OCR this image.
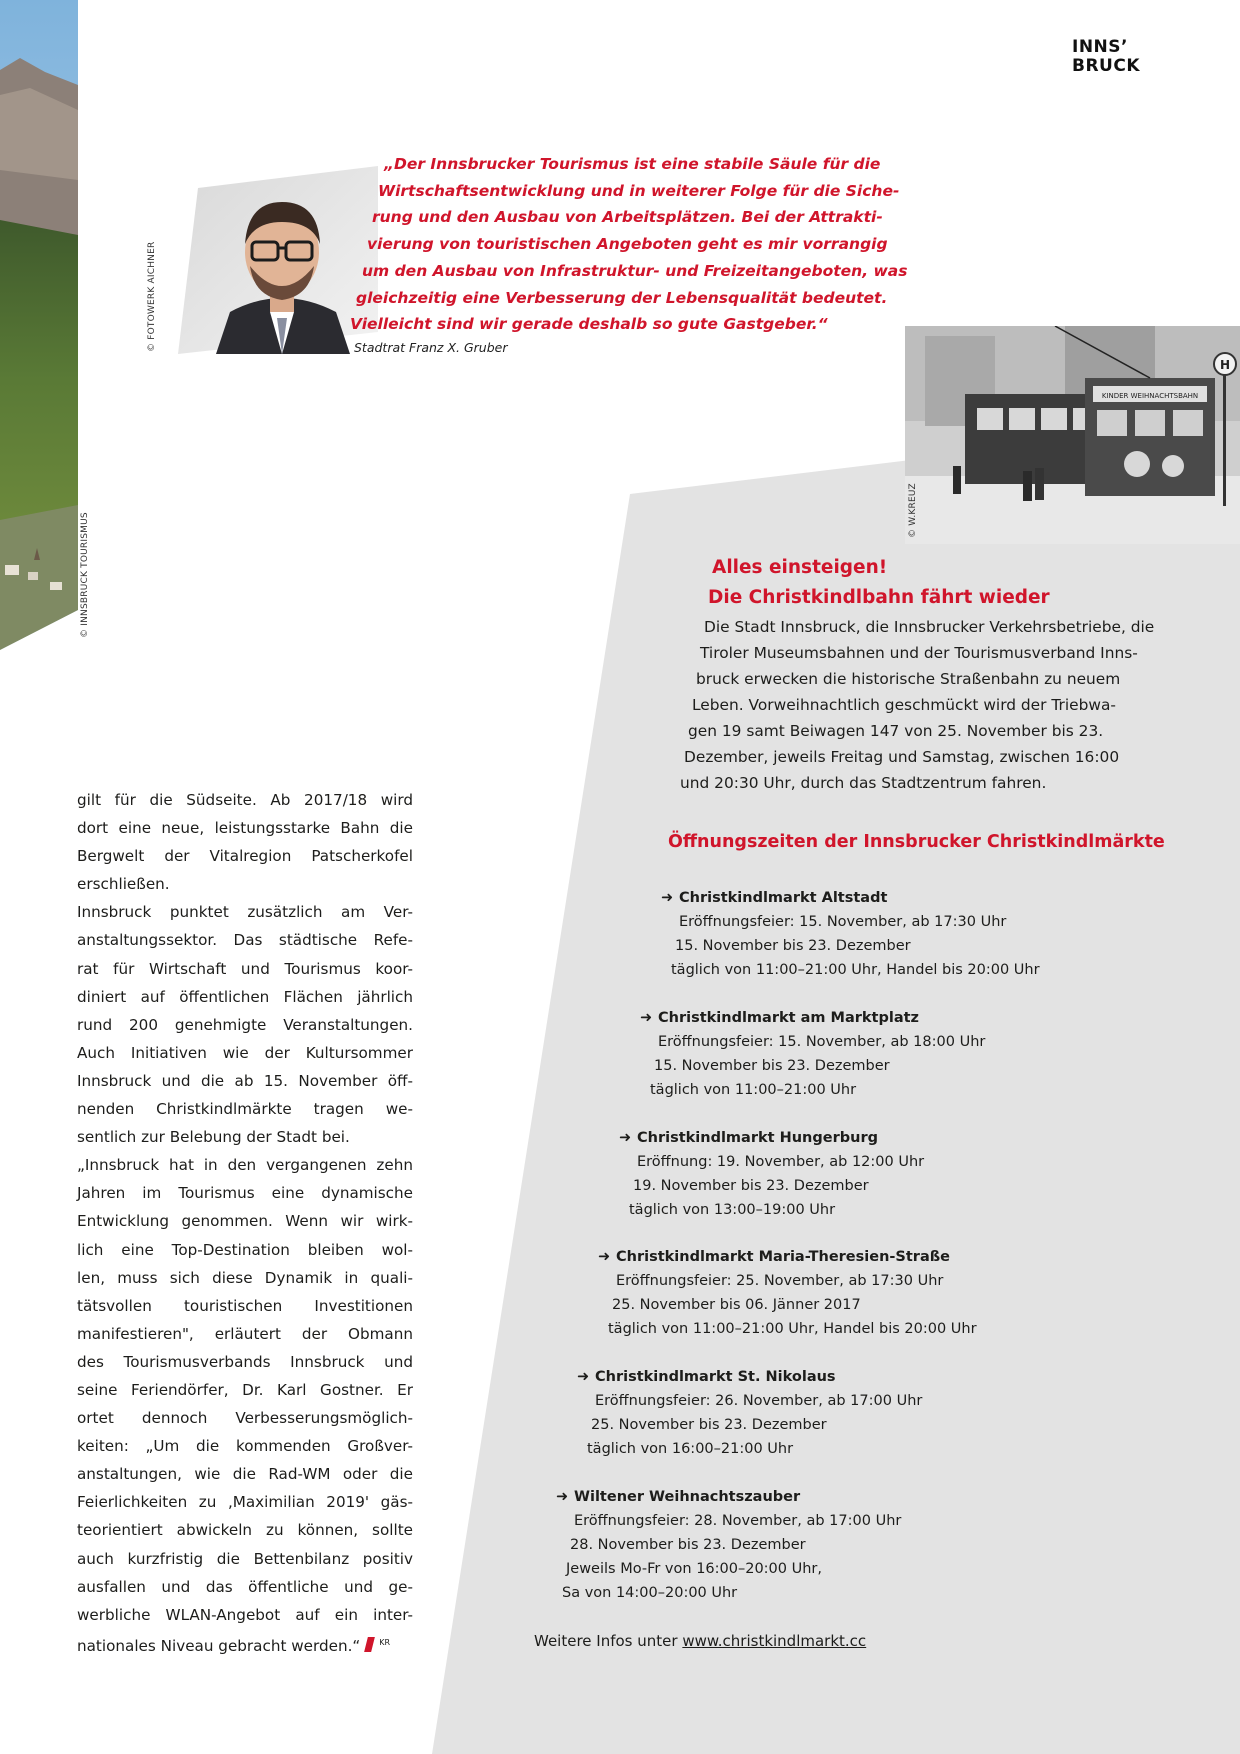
© INNSBRUCK TOURISMUS
INNS’
BRUCK
© FOTOWERK AICHNER
„Der Innsbrucker Tourismus ist eine stabile Säule für die
Wirtschaftsentwicklung und in weiterer Folge für die Siche-
rung und den Ausbau von Arbeitsplätzen. Bei der Attrakti-
vierung von touristischen Angeboten geht es mir vorrangig
um den Ausbau von Infrastruktur- und Freizeitangeboten, was
gleichzeitig eine Verbesserung der Lebensqualität bedeutet.
Vielleicht sind wir gerade deshalb so gute Gastgeber.“
Stadtrat Franz X. Gruber
KINDER WEIHNACHTSBAHN
H
© W.KREUZ
gilt für die Südseite. Ab 2017/18 wird
dort eine neue, leistungsstarke Bahn die
Bergwelt der Vitalregion Patscherkofel
erschließen.
Innsbruck punktet zusätzlich am Ver-
anstaltungssektor. Das städtische Refe-
rat für Wirtschaft und Tourismus koor-
diniert auf öffentlichen Flächen jährlich
rund 200 genehmigte Veranstaltungen.
Auch Initiativen wie der Kultursommer
Innsbruck und die ab 15. November öff-
nenden Christkindlmärkte tragen we-
sentlich zur Belebung der Stadt bei.
„Innsbruck hat in den vergangenen zehn
Jahren im Tourismus eine dynamische
Entwicklung genommen. Wenn wir wirk-
lich eine Top-Destination bleiben wol-
len, muss sich diese Dynamik in quali-
tätsvollen touristischen Investitionen
manifestieren", erläutert der Obmann
des Tourismusverbands Innsbruck und
seine Feriendörfer, Dr. Karl Gostner. Er
ortet dennoch Verbesserungsmöglich-
keiten: „Um die kommenden Großver-
anstaltungen, wie die Rad-WM oder die
Feierlichkeiten zu ‚Maximilian 2019' gäs-
teorientiert abwickeln zu können, sollte
auch kurzfristig die Bettenbilanz positiv
ausfallen und das öffentliche und ge-
werbliche WLAN-Angebot auf ein inter-
nationales Niveau gebracht werden.“ $^{KR}$
Alles einsteigen!
Die Christkindlbahn fährt wieder
Die Stadt Innsbruck, die Innsbrucker Verkehrsbetriebe, die
Tiroler Museumsbahnen und der Tourismusverband Inns-
bruck erwecken die historische Straßenbahn zu neuem
Leben. Vorweihnachtlich geschmückt wird der Triebwa-
gen 19 samt Beiwagen 147 von 25. November bis 23.
Dezember, jeweils Freitag und Samstag, zwischen 16:00
und 20:30 Uhr, durch das Stadtzentrum fahren.
Öffnungszeiten der Innsbrucker Christkindlmärkte
➜ Christkindlmarkt Altstadt
Eröffnungsfeier: 15. November, ab 17:30 Uhr
15. November bis 23. Dezember
täglich von 11:00–21:00 Uhr, Handel bis 20:00 Uhr
➜ Christkindlmarkt am Marktplatz
Eröffnungsfeier: 15. November, ab 18:00 Uhr
15. November bis 23. Dezember
täglich von 11:00–21:00 Uhr
➜ Christkindlmarkt Hungerburg
Eröffnung: 19. November, ab 12:00 Uhr
19. November bis 23. Dezember
täglich von 13:00–19:00 Uhr
➜ Christkindlmarkt Maria-Theresien-Straße
Eröffnungsfeier: 25. November, ab 17:30 Uhr
25. November bis 06. Jänner 2017
täglich von 11:00–21:00 Uhr, Handel bis 20:00 Uhr
➜ Christkindlmarkt St. Nikolaus
Eröffnungsfeier: 26. November, ab 17:00 Uhr
25. November bis 23. Dezember
täglich von 16:00–21:00 Uhr
➜ Wiltener Weihnachtszauber
Eröffnungsfeier: 28. November, ab 17:00 Uhr
28. November bis 23. Dezember
Jeweils Mo-Fr von 16:00–20:00 Uhr,
Sa von 14:00–20:00 Uhr
Weitere Infos unter www.christkindlmarkt.cc
